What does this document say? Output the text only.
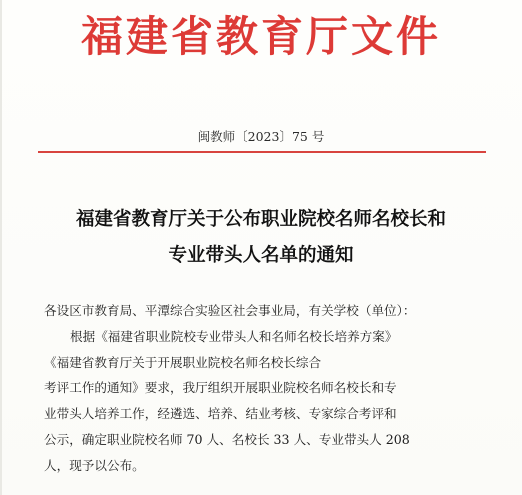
福建省教育厅文件
闽教师〔2023〕75 号
福建省教育厅关于公布职业院校名师名校长和
专业带头人名单的通知

各设区市教育局、平潭综合实验区社会事业局，有关学校（单位）：

根据《福建省职业院校专业带头人和名师名校长培养方案》

《福建省教育厅关于开展职业院校名师名校长综合

考评工作的通知》要求，我厅组织开展职业院校名师名校长和专

业带头人培养工作，经遴选、培养、结业考核、专家综合考评和

公示，确定职业院校名师 70 人、名校长 33 人、专业带头人 208

人，现予以公布。
